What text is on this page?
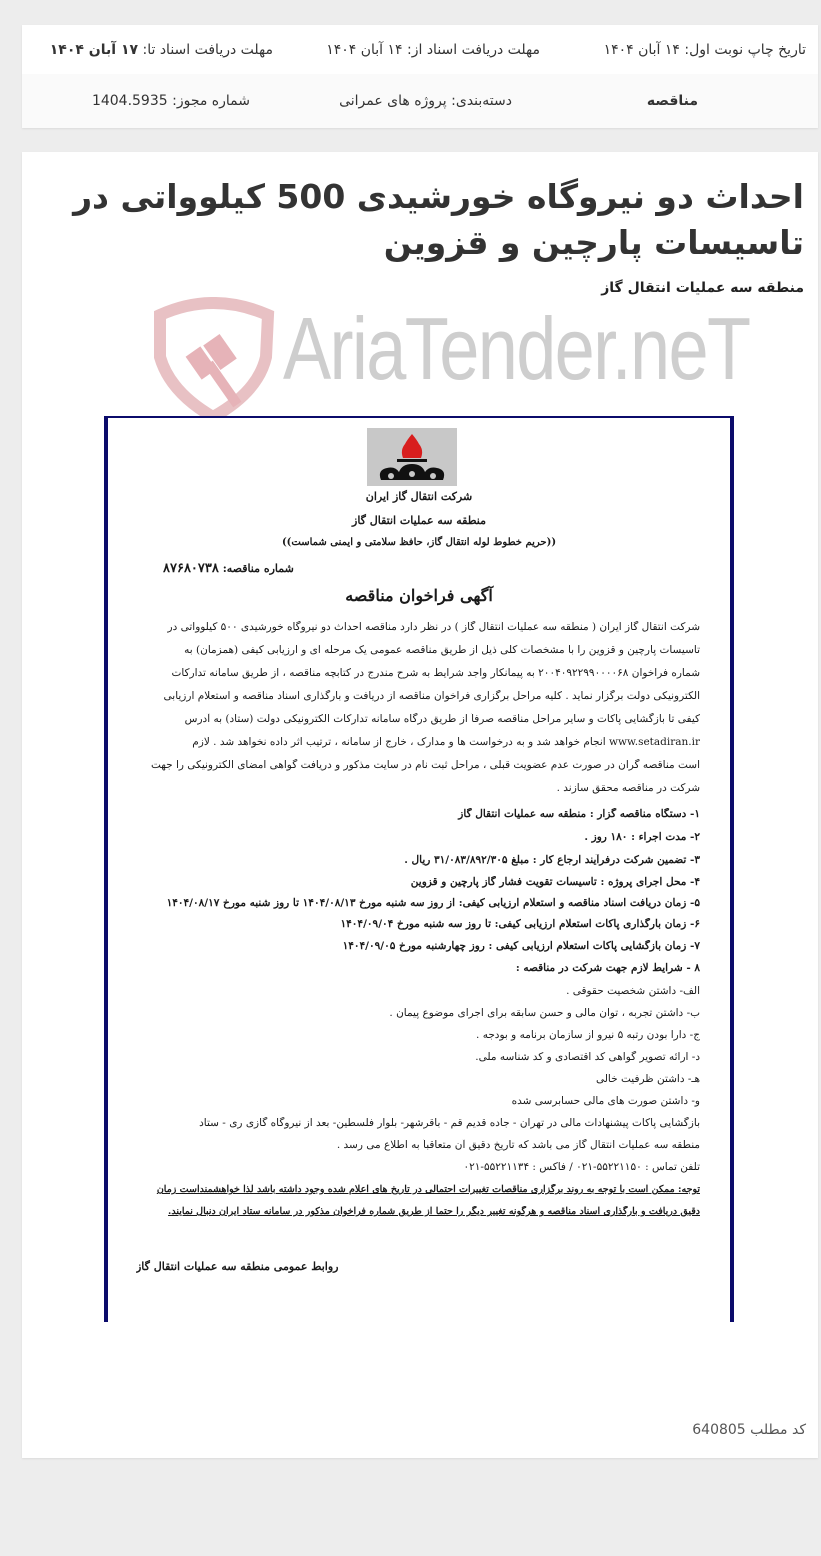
تاریخ چاپ نوبت اول: ۱۴ آبان ۱۴۰۴
مهلت دریافت اسناد از: ۱۴ آبان ۱۴۰۴
مهلت دریافت اسناد تا: ۱۷ آبان ۱۴۰۴
مناقصه
دسته‌بندی: پروژه های عمرانی
شماره مجوز: 1404.5935
احداث دو نیروگاه خورشیدی 500 کیلوواتی در تاسیسات پارچین و قزوین
منطقه سه عملیات انتقال گاز
AriaTender.neT
شرکت انتقال گاز ایران
منطقه سه عملیات انتقال گاز
((حریم خطوط لوله انتقال گاز، حافظ سلامتی و ایمنی شماست))
شماره مناقصه: ۸۷۶۸۰۷۳۸
آگهی فراخوان مناقصه
شرکت انتقال گاز ایران ( منطقه سه عملیات انتقال گاز ) در نظر دارد مناقصه احداث دو نیروگاه خورشیدی ۵۰۰ کیلوواتی در
تاسیسات پارچین و قزوین را با مشخصات کلی ذیل از طریق مناقصه عمومی یک مرحله ای و ارزیابی کیفی (همزمان) به
شماره فراخوان ۲۰۰۴۰۹۲۲۹۹۰۰۰۰۶۸ به پیمانکار واجد شرایط به شرح مندرج در کتابچه مناقصه ، از طریق سامانه تدارکات
الکترونیکی دولت برگزار نماید . کلیه مراحل برگزاری فراخوان مناقصه از دریافت و بارگذاری اسناد مناقصه و استعلام ارزیابی
کیفی تا بازگشایی پاکات و سایر مراحل مناقصه صرفاً از طریق درگاه سامانه تدارکات الکترونیکی دولت (ستاد) به آدرس
www.setadiran.ir انجام خواهد شد و به درخواست ها و مدارک ، خارج از سامانه ، ترتیب اثر داده نخواهد شد . لازم
است مناقصه گران در صورت عدم عضویت قبلی ، مراحل ثبت نام در سایت مذکور و دریافت گواهی امضای الکترونیکی را جهت
شرکت در مناقصه محقق سازند .
۱- دستگاه مناقصه گزار : منطقه سه عملیات انتقال گاز
۲- مدت اجراء : ۱۸۰ روز .
۳- تضمین شرکت درفرآیند ارجاع کار : مبلغ ۳۱/۰۸۳/۸۹۲/۳۰۵ ریال .
۴- محل اجرای پروژه : تاسیسات تقویت فشار گاز پارچین و قزوین
۵- زمان دریافت اسناد مناقصه و استعلام ارزیابی کیفی: از روز سه شنبه مورخ ۱۴۰۴/۰۸/۱۳ تا روز شنبه مورخ ۱۴۰۴/۰۸/۱۷
۶- زمان بارگذاری پاکات استعلام ارزیابی کیفی: تا روز سه شنبه مورخ ۱۴۰۴/۰۹/۰۴
۷- زمان بازگشایی پاکات استعلام ارزیابی کیفی : روز چهارشنبه مورخ ۱۴۰۴/۰۹/۰۵
۸ - شرایط لازم جهت شرکت در مناقصه :
الف- داشتن شخصیت حقوقی .
ب- داشتن تجربه ، توان مالی و حسن سابقه برای اجرای موضوع پیمان .
ج- دارا بودن رتبه ۵ نیرو از سازمان برنامه و بودجه .
د- ارائه تصویر گواهی کد اقتصادی و کد شناسه ملی.
هـ- داشتن ظرفیت خالی
و- داشتن صورت های مالی حسابرسی شده
بازگشایی پاکات پیشنهادات مالی در تهران - جاده قدیم قم - باقرشهر- بلوار فلسطین- بعد از نیروگاه گازی ری - ستاد
منطقه سه عملیات انتقال گاز می باشد که تاریخ دقیق آن متعاقباً به اطلاع می رسد .
تلفن تماس : ۵۵۲۲۱۱۵۰-۰۲۱ / فاکس : ۵۵۲۲۱۱۳۴-۰۲۱
توجه: ممکن است با توجه به روند برگزاری مناقصات تغییرات احتمالی در تاریخ های اعلام شده وجود داشته باشد لذا خواهشمنداست زمان
دقیق دریافت و بارگذاری اسناد مناقصه و هرگونه تغییر دیگر را حتما از طریق شماره فراخوان مذکور در سامانه ستاد ایران دنبال نمایند.
روابط عمومی منطقه سه عملیات انتقال گاز
کد مطلب 640805
